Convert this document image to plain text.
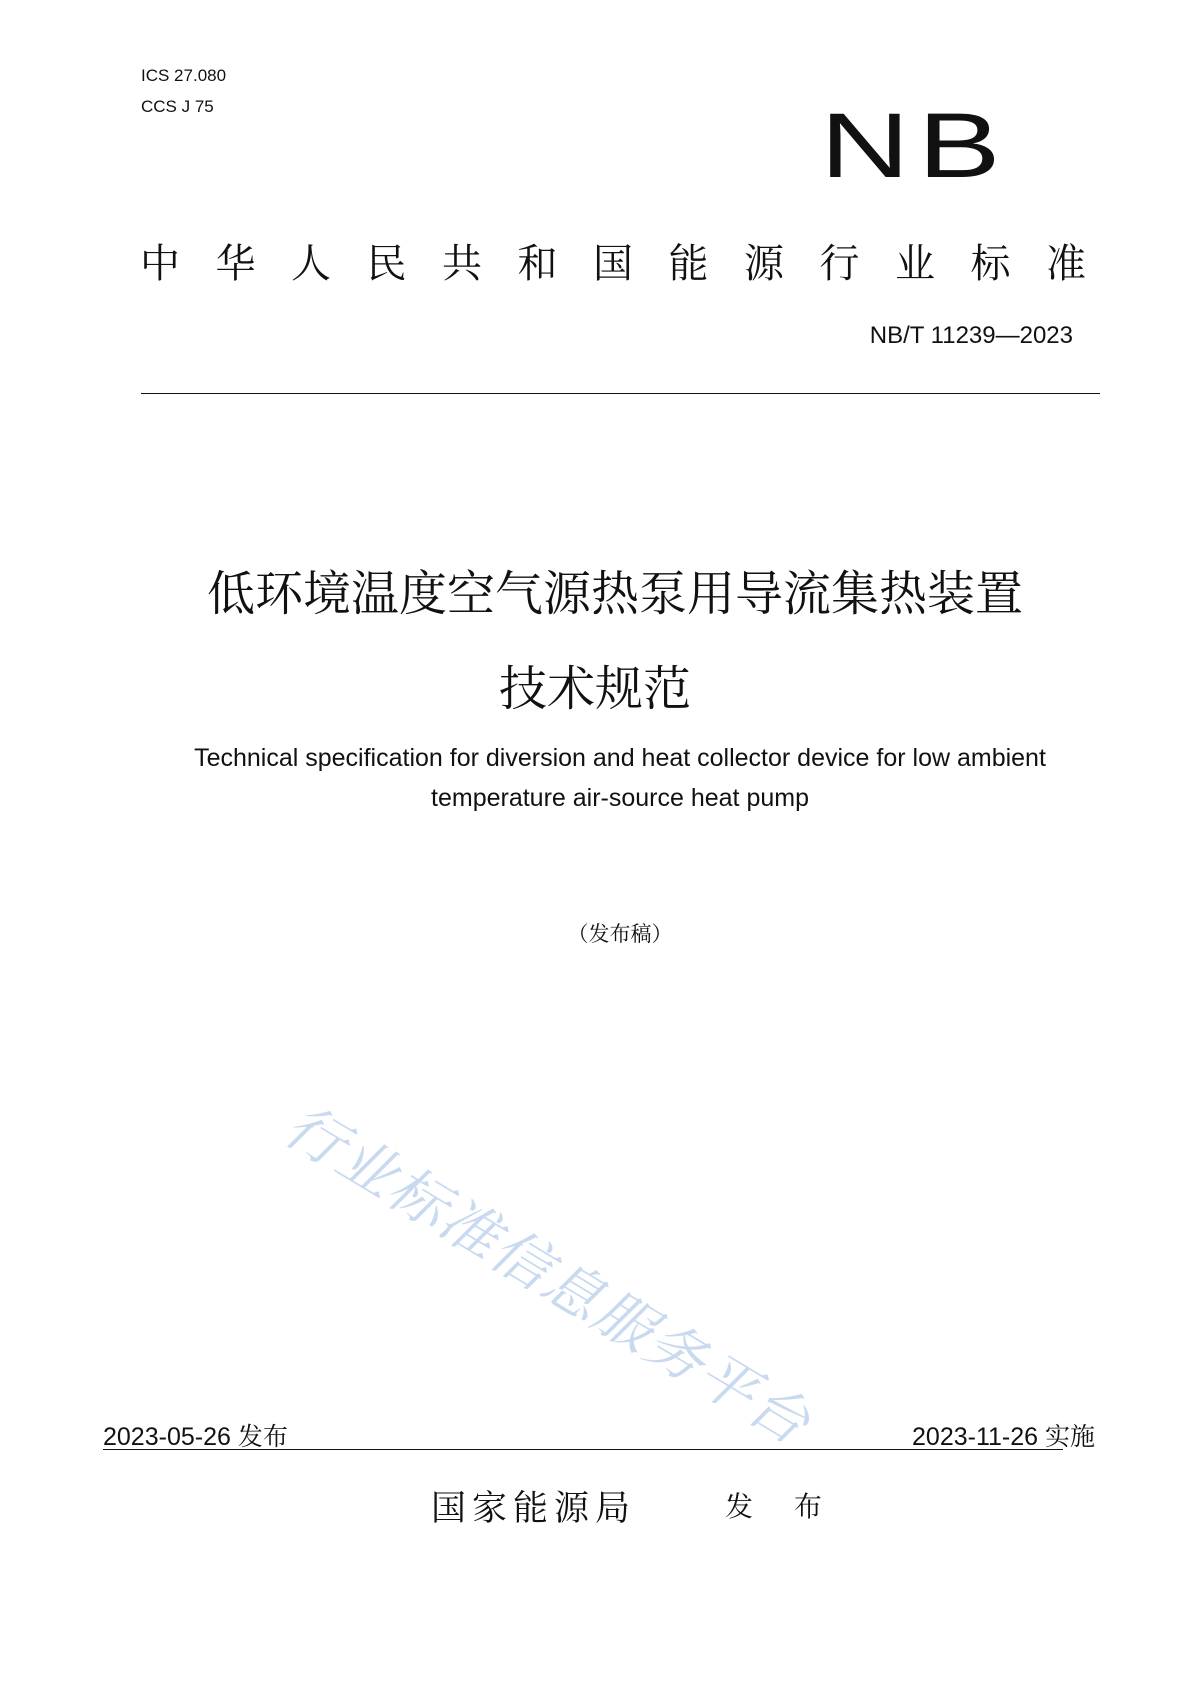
ICS 27.080
CCS J 75	NB
中华人民共和国能源行业标准
NB/T 11239—2023
低环境温度空气源热泵用导流集热装置
技术规范
Technical specification for diversion and heat collector device for low ambient
temperature air-source heat pump
（发布稿）
行业标准信息服务平台
2023-05-26 发布	2023-11-26 实施
国家能源局	发 布
